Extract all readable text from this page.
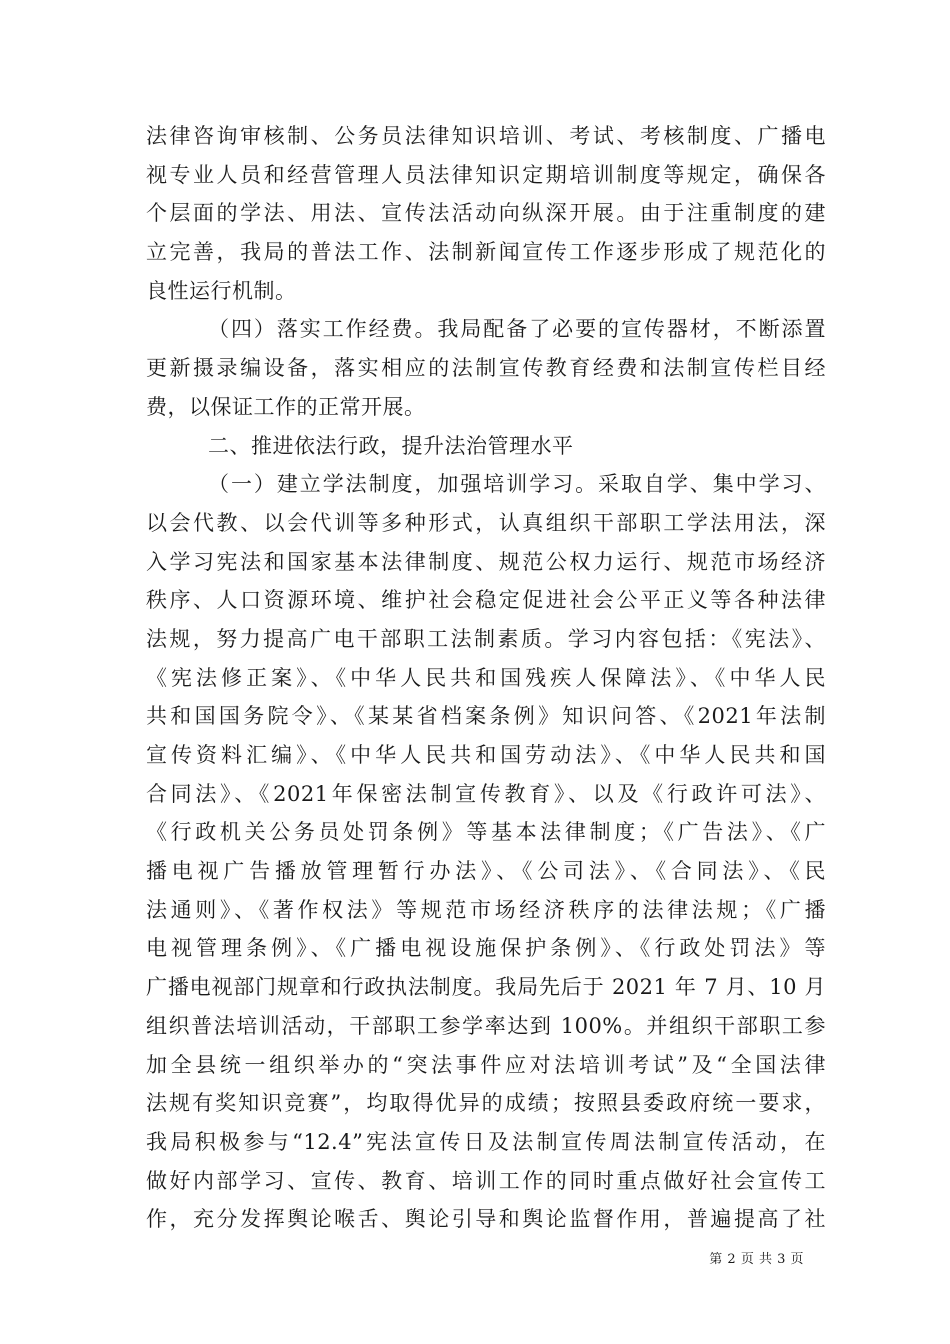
法律咨询审核制、公务员法律知识培训、考试、考核制度、广播电
视专业人员和经营管理人员法律知识定期培训制度等规定，确保各
个层面的学法、用法、宣传法活动向纵深开展。由于注重制度的建
立完善，我局的普法工作、法制新闻宣传工作逐步形成了规范化的
良性运行机制。
（四）落实工作经费。我局配备了必要的宣传器材，不断添置
更新摄录编设备，落实相应的法制宣传教育经费和法制宣传栏目经
费，以保证工作的正常开展。
二、推进依法行政，提升法治管理水平
（一）建立学法制度，加强培训学习。采取自学、集中学习、
以会代教、以会代训等多种形式，认真组织干部职工学法用法，深
入学习宪法和国家基本法律制度、规范公权力运行、规范市场经济
秩序、人口资源环境、维护社会稳定促进社会公平正义等各种法律
法规，努力提高广电干部职工法制素质。学习内容包括：《宪法》、
《宪法修正案》、《中华人民共和国残疾人保障法》、《中华人民
共和国国务院令》、《某某省档案条例》知识问答、《2021年法制
宣传资料汇编》、《中华人民共和国劳动法》、《中华人民共和国
合同法》、《2021年保密法制宣传教育》、以及《行政许可法》、
《行政机关公务员处罚条例》等基本法律制度；《广告法》、《广
播电视广告播放管理暂行办法》、《公司法》、《合同法》、《民
法通则》、《著作权法》等规范市场经济秩序的法律法规；《广播
电视管理条例》、《广播电视设施保护条例》、《行政处罚法》等
广播电视部门规章和行政执法制度。我局先后于 2021 年 7 月、10 月
组织普法培训活动，干部职工参学率达到 100%。并组织干部职工参
加全县统一组织举办的“突法事件应对法培训考试”及“全国法律
法规有奖知识竞赛”，均取得优异的成绩；按照县委政府统一要求，
我局积极参与“12.4”宪法宣传日及法制宣传周法制宣传活动，在
做好内部学习、宣传、教育、培训工作的同时重点做好社会宣传工
作，充分发挥舆论喉舌、舆论引导和舆论监督作用，普遍提高了社
第 2 页 共 3 页
